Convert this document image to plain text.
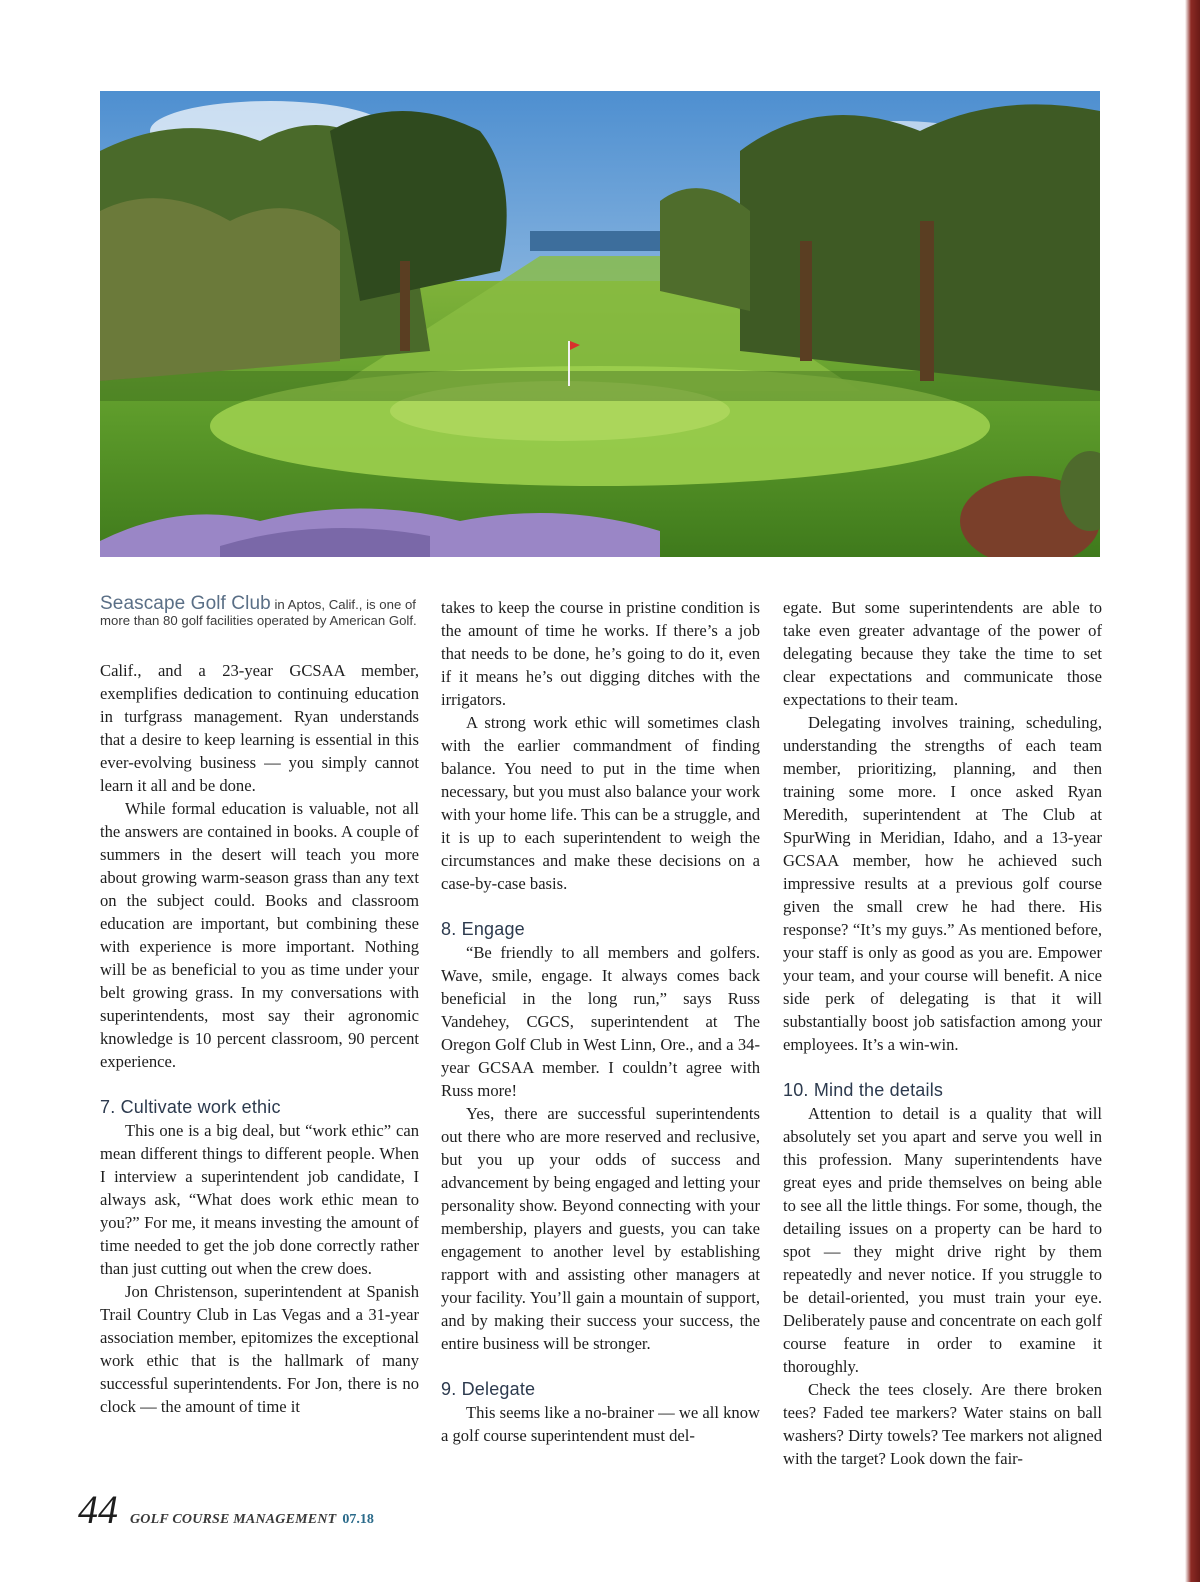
Seascape Golf Club in Aptos, Calif., is one of more than 80 golf facilities operated by American Golf.

Calif., and a 23-year GCSAA member, exemplifies dedication to continuing education in turfgrass management. Ryan understands that a desire to keep learning is essential in this ever-evolving business — you simply cannot learn it all and be done.

While formal education is valuable, not all the answers are contained in books. A couple of summers in the desert will teach you more about growing warm-season grass than any text on the subject could. Books and classroom education are important, but combining these with experience is more important. Nothing will be as beneficial to you as time under your belt growing grass. In my conversations with superintendents, most say their agronomic knowledge is 10 percent classroom, 90 percent experience.

7. Cultivate work ethic

This one is a big deal, but “work ethic” can mean different things to different people. When I interview a superintendent job candidate, I always ask, “What does work ethic mean to you?” For me, it means investing the amount of time needed to get the job done correctly rather than just cutting out when the crew does.

Jon Christenson, superintendent at Spanish Trail Country Club in Las Vegas and a 31-year association member, epitomizes the exceptional work ethic that is the hallmark of many successful superintendents. For Jon, there is no clock — the amount of time it

takes to keep the course in pristine condition is the amount of time he works. If there’s a job that needs to be done, he’s going to do it, even if it means he’s out digging ditches with the irrigators.

A strong work ethic will sometimes clash with the earlier commandment of finding balance. You need to put in the time when necessary, but you must also balance your work with your home life. This can be a struggle, and it is up to each superintendent to weigh the circumstances and make these decisions on a case-by-case basis.

8. Engage

“Be friendly to all members and golfers. Wave, smile, engage. It always comes back beneficial in the long run,” says Russ Vandehey, CGCS, superintendent at The Oregon Golf Club in West Linn, Ore., and a 34-year GCSAA member. I couldn’t agree with Russ more!

Yes, there are successful superintendents out there who are more reserved and reclusive, but you up your odds of success and advancement by being engaged and letting your personality show. Beyond connecting with your membership, players and guests, you can take engagement to another level by establishing rapport with and assisting other managers at your facility. You’ll gain a mountain of support, and by making their success your success, the entire business will be stronger.

9. Delegate

This seems like a no-brainer — we all know a golf course superintendent must del-

egate. But some superintendents are able to take even greater advantage of the power of delegating because they take the time to set clear expectations and communicate those expectations to their team.

Delegating involves training, scheduling, understanding the strengths of each team member, prioritizing, planning, and then training some more. I once asked Ryan Meredith, superintendent at The Club at SpurWing in Meridian, Idaho, and a 13-year GCSAA member, how he achieved such impressive results at a previous golf course given the small crew he had there. His response? “It’s my guys.” As mentioned before, your staff is only as good as you are. Empower your team, and your course will benefit. A nice side perk of delegating is that it will substantially boost job satisfaction among your employees. It’s a win-win.

10. Mind the details

Attention to detail is a quality that will absolutely set you apart and serve you well in this profession. Many superintendents have great eyes and pride themselves on being able to see all the little things. For some, though, the detailing issues on a property can be hard to spot — they might drive right by them repeatedly and never notice. If you struggle to be detail-oriented, you must train your eye. Deliberately pause and concentrate on each golf course feature in order to examine it thoroughly.

Check the tees closely. Are there broken tees? Faded tee markers? Water stains on ball washers? Dirty towels? Tee markers not aligned with the target? Look down the fair-

44 GOLF COURSE MANAGEMENT 07.18
